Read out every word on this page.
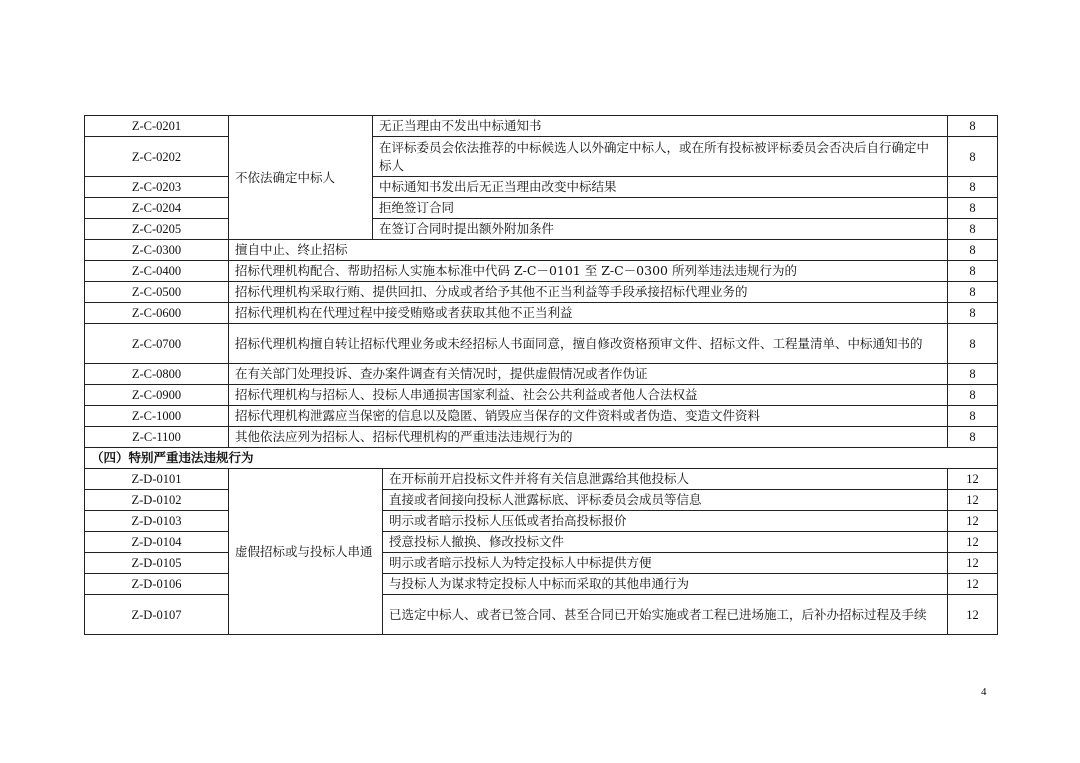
Z-C-0201	不依法确定中标人	无正当理由不发出中标通知书		8
Z-C-0202		在评标委员会依法推荐的中标候选人以外确定中标人，或在所有投标被评标委员会否决后自行确定中标人		8
Z-C-0203		中标通知书发出后无正当理由改变中标结果		8
Z-C-0204		拒绝签订合同		8
Z-C-0205		在签订合同时提出额外附加条件		8
Z-C-0300	擅自中止、终止招标			8
Z-C-0400	招标代理机构配合、帮助招标人实施本标准中代码 Z-C－0101 至 Z-C－0300 所列举违法违规行为的			8
Z-C-0500	招标代理机构采取行贿、提供回扣、分成或者给予其他不正当利益等手段承接招标代理业务的			8
Z-C-0600	招标代理机构在代理过程中接受贿赂或者获取其他不正当利益			8
Z-C-0700	招标代理机构擅自转让招标代理业务或未经招标人书面同意，擅自修改资格预审文件、招标文件、工程量清单、中标通知书的			8
Z-C-0800	在有关部门处理投诉、查办案件调查有关情况时，提供虚假情况或者作伪证			8
Z-C-0900	招标代理机构与招标人、投标人串通损害国家利益、社会公共利益或者他人合法权益			8
Z-C-1000	招标代理机构泄露应当保密的信息以及隐匿、销毁应当保存的文件资料或者伪造、变造文件资料			8
Z-C-1100	其他依法应列为招标人、招标代理机构的严重违法违规行为的			8
（四）特别严重违法违规行为				
Z-D-0101	虚假招标或与投标人串通		在开标前开启投标文件并将有关信息泄露给其他投标人	12
Z-D-0102			直接或者间接向投标人泄露标底、评标委员会成员等信息	12
Z-D-0103			明示或者暗示投标人压低或者抬高投标报价	12
Z-D-0104			授意投标人撤换、修改投标文件	12
Z-D-0105			明示或者暗示投标人为特定投标人中标提供方便	12
Z-D-0106			与投标人为谋求特定投标人中标而采取的其他串通行为	12
Z-D-0107			已选定中标人、或者已签合同、甚至合同已开始实施或者工程已进场施工，后补办招标过程及手续	12
4
